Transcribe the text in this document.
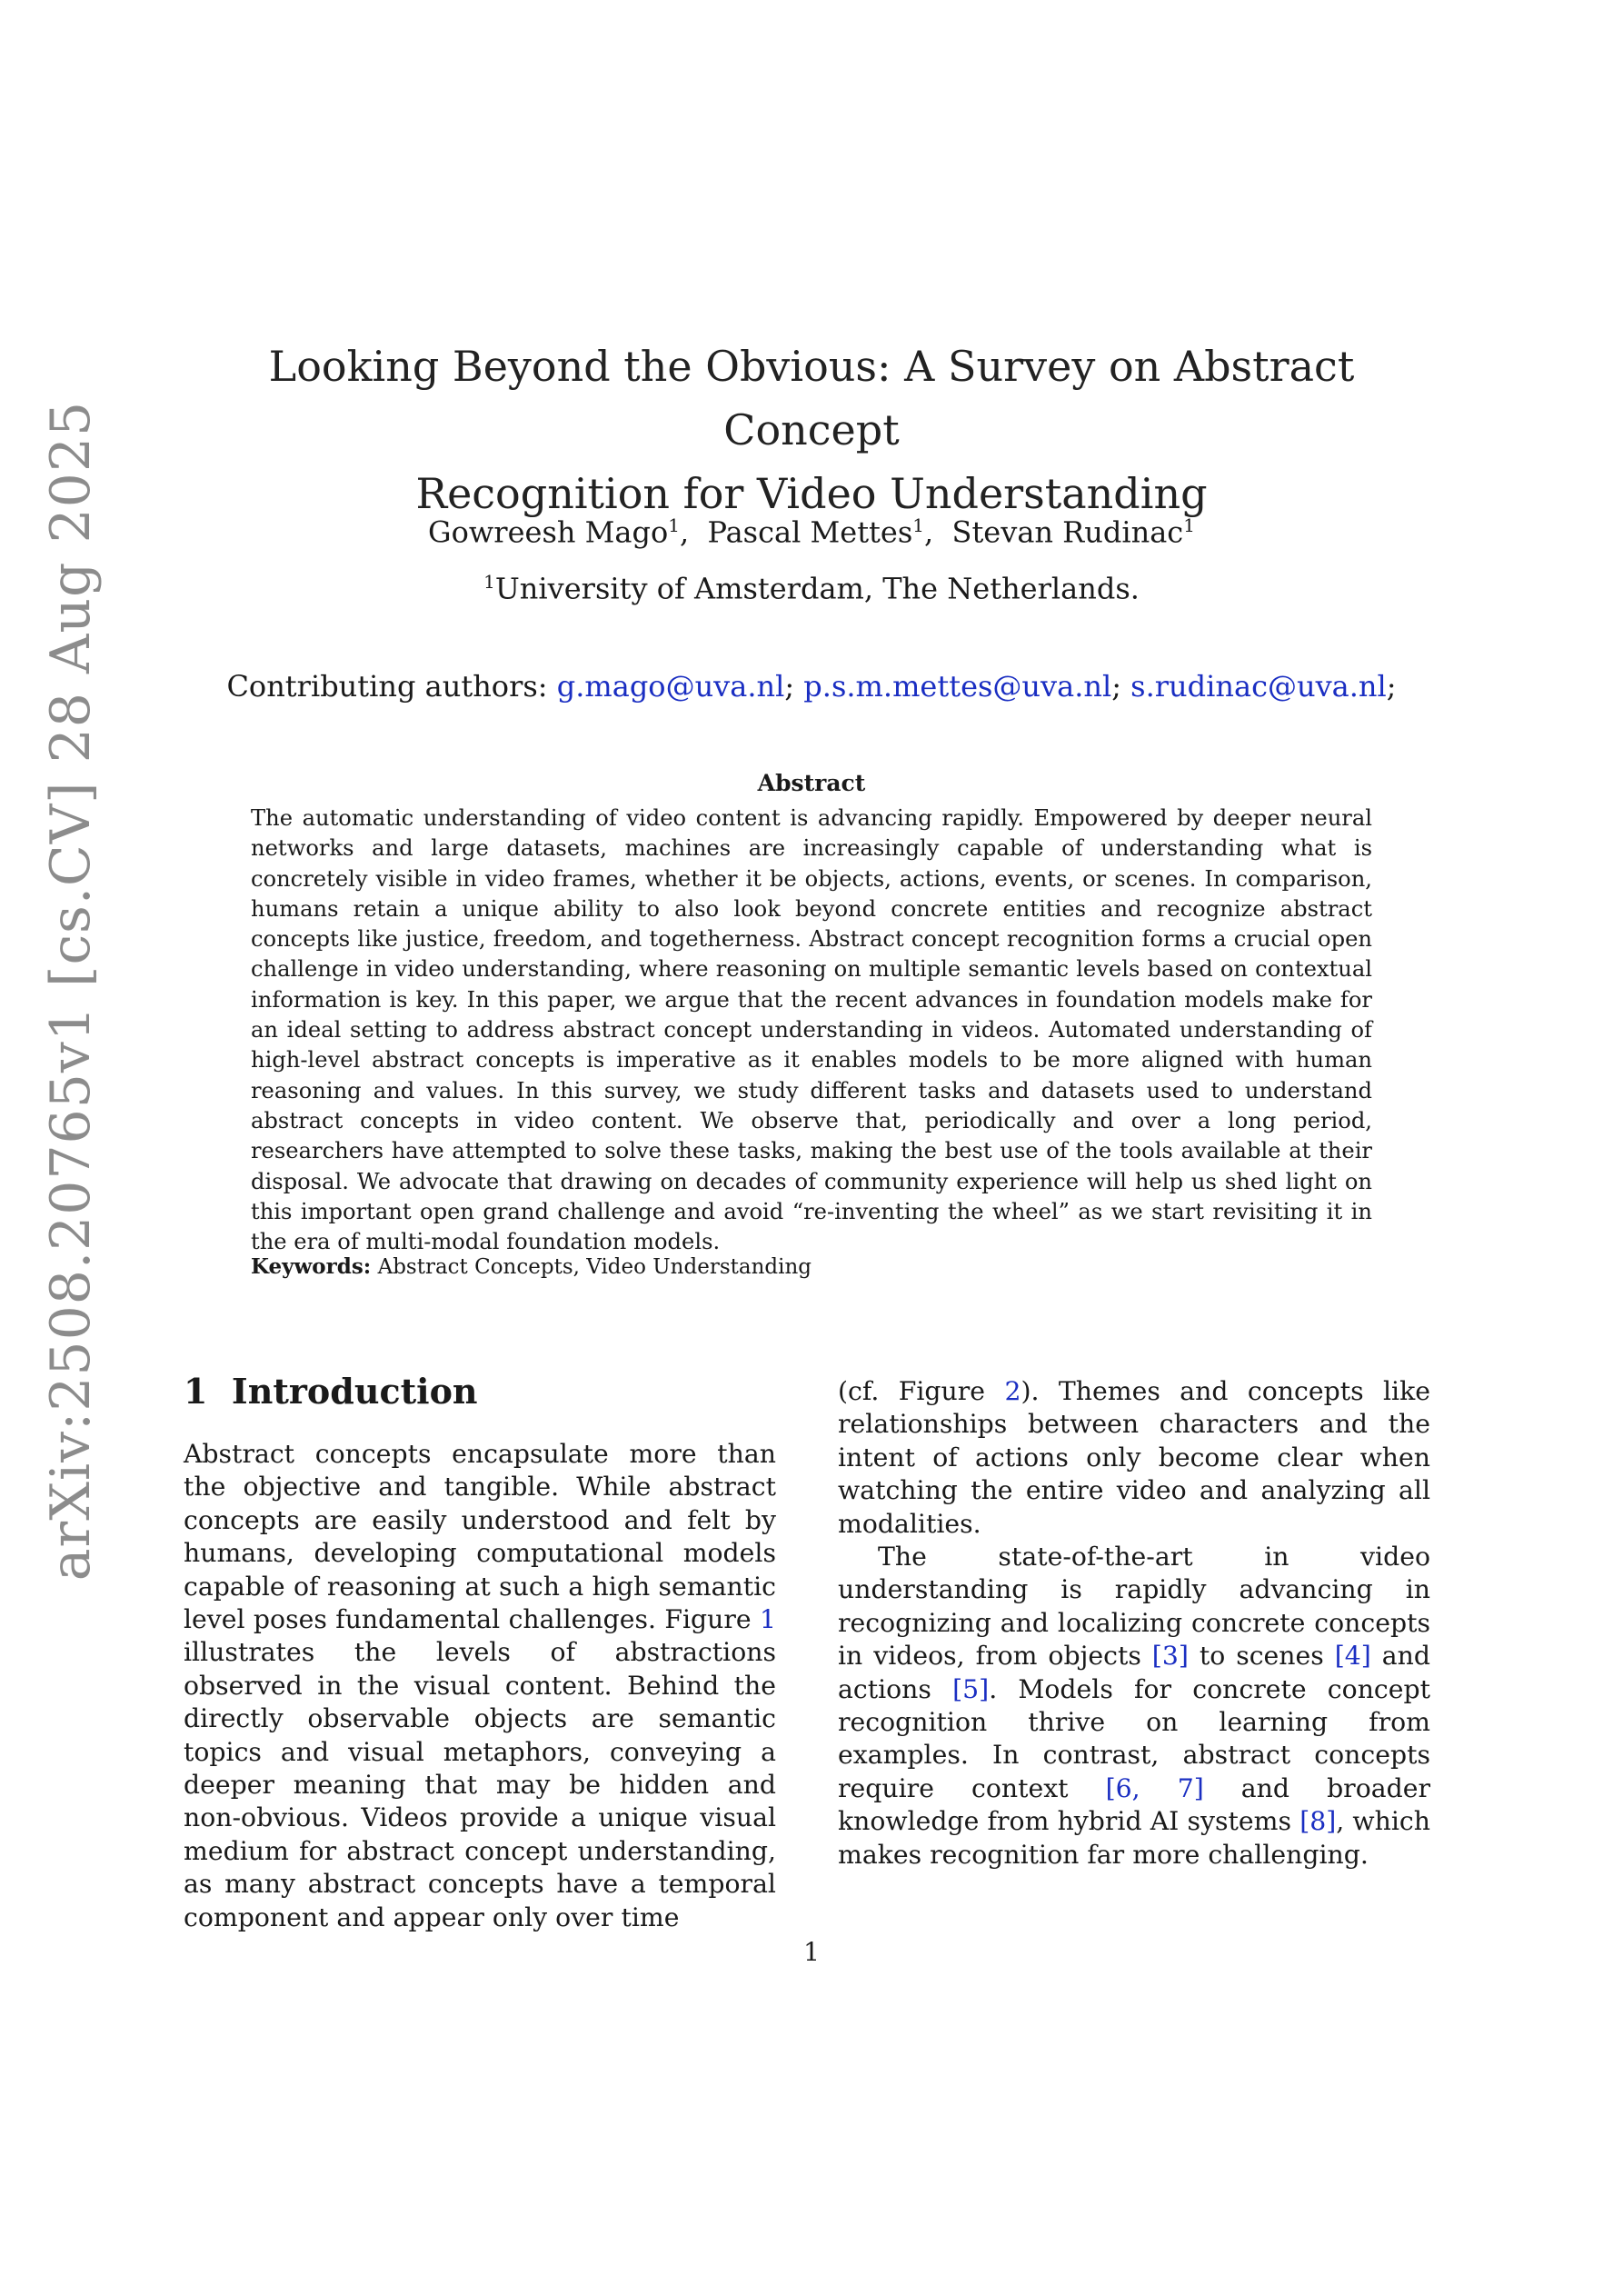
arXiv:2508.20765v1 [cs.CV] 28 Aug 2025
Looking Beyond the Obvious: A Survey on Abstract Concept
Recognition for Video Understanding
Gowreesh Mago$^1$,  Pascal Mettes$^1$,  Stevan Rudinac$^1$
$^1$University of Amsterdam, The Netherlands.
Contributing authors: g.mago@uva.nl; p.s.m.mettes@uva.nl; s.rudinac@uva.nl;
Abstract
The automatic understanding of video content is advancing rapidly. Empowered by deeper neural networks and large datasets, machines are increasingly capable of understanding what is concretely visible in video frames, whether it be objects, actions, events, or scenes. In comparison, humans retain a unique ability to also look beyond concrete entities and recognize abstract concepts like justice, freedom, and togetherness. Abstract concept recognition forms a crucial open challenge in video understanding, where reasoning on multiple semantic levels based on contextual information is key. In this paper, we argue that the recent advances in foundation models make for an ideal setting to address abstract concept understanding in videos. Automated understanding of high-level abstract concepts is imperative as it enables models to be more aligned with human reasoning and values. In this survey, we study different tasks and datasets used to understand abstract concepts in video content. We observe that, periodically and over a long period, researchers have attempted to solve these tasks, making the best use of the tools available at their disposal. We advocate that drawing on decades of community experience will help us shed light on this important open grand challenge and avoid “re-inventing the wheel” as we start revisiting it in the era of multi-modal foundation models.
Keywords: Abstract Concepts, Video Understanding
1 Introduction

Abstract concepts encapsulate more than the objective and tangible. While abstract concepts are easily understood and felt by humans, developing computational models capable of reasoning at such a high semantic level poses fundamental challenges. Figure 1 illustrates the levels of abstractions observed in the visual content. Behind the directly observable objects are semantic topics and visual metaphors, conveying a deeper meaning that may be hidden and non-obvious. Videos provide a unique visual medium for abstract concept understanding, as many abstract concepts have a temporal component and appear only over time

(cf. Figure 2). Themes and concepts like relationships between characters and the intent of actions only become clear when watching the entire video and analyzing all modalities.

The state-of-the-art in video understanding is rapidly advancing in recognizing and localizing concrete concepts in videos, from objects [3] to scenes [4] and actions [5]. Models for concrete concept recognition thrive on learning from examples. In contrast, abstract concepts require context [6, 7] and broader knowledge from hybrid AI systems [8], which makes recognition far more challenging.

1
